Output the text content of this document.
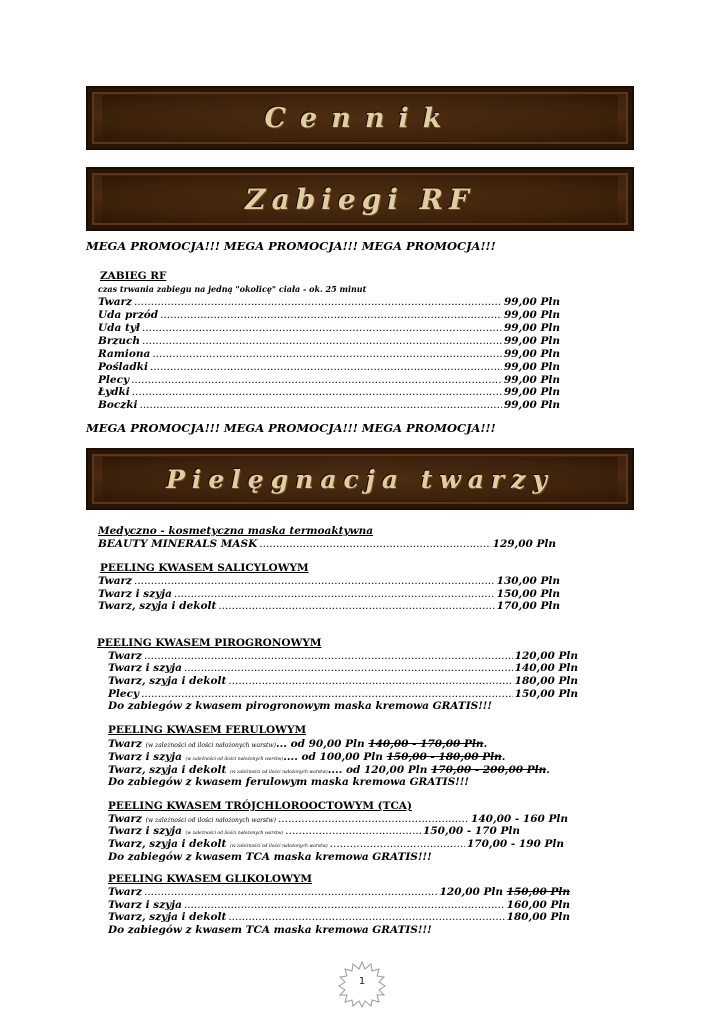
Cennik
Zabiegi RF
MEGA PROMOCJA!!! MEGA PROMOCJA!!! MEGA PROMOCJA!!!
ZABIEG RF
czas trwania zabiegu na jedną "okolicę" ciała - ok. 25 minut
Twarz .....	99,00 Pln
Uda przód .....	99,00 Pln
Uda tył .....	99,00 Pln
Brzuch .....	99,00 Pln
Ramiona .....	99,00 Pln
Pośladki .....	99,00 Pln
Plecy .....	99,00 Pln
Łydki .....	99,00 Pln
Boczki .....	99,00 Pln
MEGA PROMOCJA!!! MEGA PROMOCJA!!! MEGA PROMOCJA!!!
Pielęgnacja twarzy
Medyczno - kosmetyczna maska termoaktywna
BEAUTY MINERALS MASK .....	129,00 Pln
PEELING KWASEM SALICYLOWYM
Twarz .....	130,00 Pln
Twarz i szyja .....	150,00 Pln
Twarz, szyja i dekolt .....	170,00 Pln
PEELING KWASEM PIROGRONOWYM
Twarz .....	120,00 Pln
Twarz i szyja .....	140,00 Pln
Twarz, szyja i dekolt .....	180,00 Pln
Plecy .....	150,00 Pln
Do zabiegów z kwasem pirogronowym maska kremowa GRATIS!!!
PEELING KWASEM FERULOWYM
Twarz (w zależności od ilości nałożonych warstw)... od 90,00 Pln 140,00 - 170,00 Pln.
Twarz i szyja (w zależności od ilości nałożonych warstw).... od 100,00 Pln 150,00 - 180,00 Pln.
Twarz, szyja i dekolt (w zależności od ilości nałożonych warstw).... od 120,00 Pln 170,00 - 200,00 Pln.
Do zabiegów z kwasem ferulowym maska kremowa GRATIS!!!
PEELING KWASEM TRÓJCHLOROOCTOWYM (TCA)
Twarz (w zależności od ilości nałożonych warstw) .....	140,00 - 160 Pln
Twarz i szyja (w zależności od ilości nałożonych warstw) .....	150,00 - 170 Pln
Twarz, szyja i dekolt (w zależności od ilości nałożonych warstw) .....	170,00 - 190 Pln
Do zabiegów z kwasem TCA maska kremowa GRATIS!!!
PEELING KWASEM GLIKOLOWYM
Twarz .....	120,00 Pln 150,00 Pln
Twarz i szyja .....	160,00 Pln
Twarz, szyja i dekolt .....	180,00 Pln
Do zabiegów z kwasem TCA maska kremowa GRATIS!!!
1
